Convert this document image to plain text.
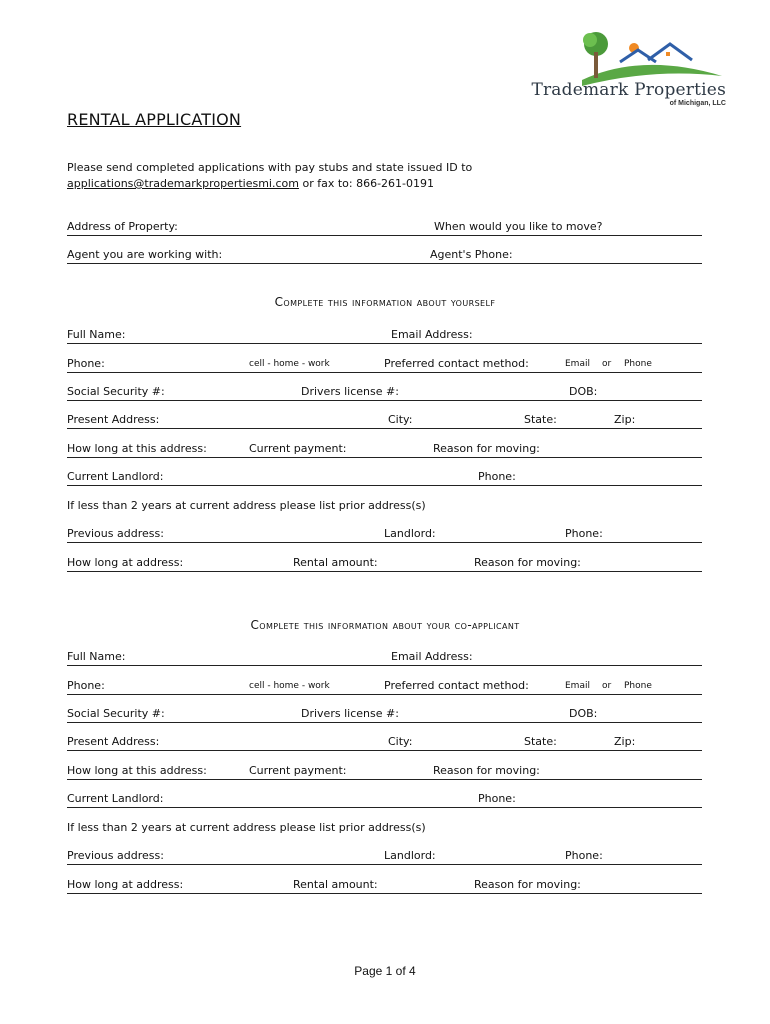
Trademark Properties
of Michigan, LLC
RENTAL APPLICATION
Please send completed applications with pay stubs and state issued ID to applications@trademarkpropertiesmi.com or fax to: 866-261-0191
Address of Property:	When would you like to move?
Agent you are working with:	Agent's Phone:
Complete this information about yourself
Full Name:	Email Address:
Phone:	cell - home - work	Preferred contact method:	Email or Phone
Social Security #:	Drivers license #:	DOB:
Present Address:	City:	State:	Zip:
How long at this address:	Current payment:	Reason for moving:
Current Landlord:	Phone:
If less than 2 years at current address please list prior address(s)
Previous address:	Landlord:	Phone:
How long at address:	Rental amount:	Reason for moving:
Complete this information about your co-applicant
Full Name:	Email Address:
Phone:	cell - home - work	Preferred contact method:	Email or Phone
Social Security #:	Drivers license #:	DOB:
Present Address:	City:	State:	Zip:
How long at this address:	Current payment:	Reason for moving:
Current Landlord:	Phone:
If less than 2 years at current address please list prior address(s)
Previous address:	Landlord:	Phone:
How long at address:	Rental amount:	Reason for moving:
Page 1 of 4
